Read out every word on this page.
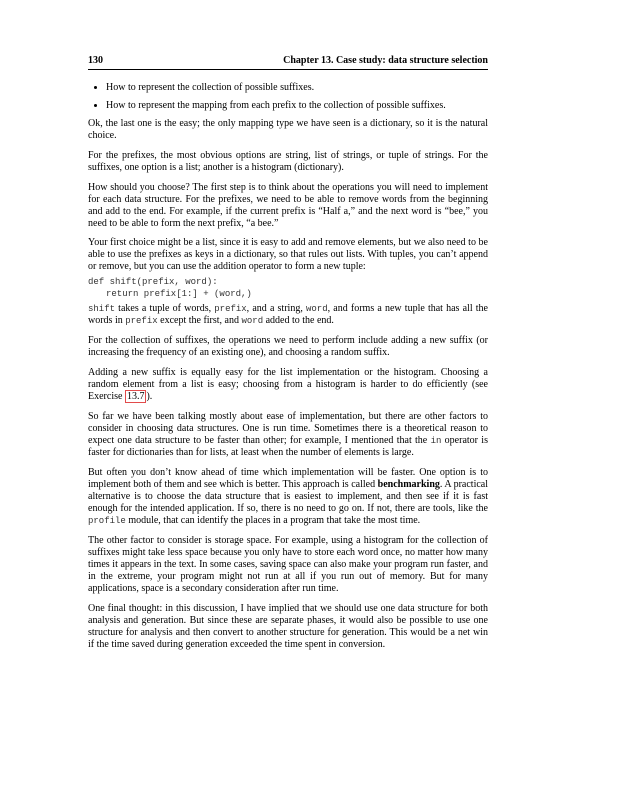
130	Chapter 13. Case study: data structure selection
• How to represent the collection of possible suffixes.
• How to represent the mapping from each prefix to the collection of possible suffixes.

Ok, the last one is the easy; the only mapping type we have seen is a dictionary, so it is the natural choice.

For the prefixes, the most obvious options are string, list of strings, or tuple of strings. For the suffixes, one option is a list; another is a histogram (dictionary).

How should you choose? The first step is to think about the operations you will need to implement for each data structure. For the prefixes, we need to be able to remove words from the beginning and add to the end. For example, if the current prefix is “Half a,” and the next word is “bee,” you need to be able to form the next prefix, “a bee.”

Your first choice might be a list, since it is easy to add and remove elements, but we also need to be able to use the prefixes as keys in a dictionary, so that rules out lists. With tuples, you can’t append or remove, but you can use the addition operator to form a new tuple:

def shift(prefix, word):
return prefix[1:] + (word,)

shift takes a tuple of words, prefix, and a string, word, and forms a new tuple that has all the words in prefix except the first, and word added to the end.

For the collection of suffixes, the operations we need to perform include adding a new suffix (or increasing the frequency of an existing one), and choosing a random suffix.

Adding a new suffix is equally easy for the list implementation or the histogram. Choosing a random element from a list is easy; choosing from a histogram is harder to do efficiently (see Exercise 13.7 ).

So far we have been talking mostly about ease of implementation, but there are other factors to consider in choosing data structures. One is run time. Sometimes there is a theoretical reason to expect one data structure to be faster than other; for example, I mentioned that the in operator is faster for dictionaries than for lists, at least when the number of elements is large.

But often you don’t know ahead of time which implementation will be faster. One option is to implement both of them and see which is better. This approach is called benchmarking. A practical alternative is to choose the data structure that is easiest to implement, and then see if it is fast enough for the intended application. If so, there is no need to go on. If not, there are tools, like the profile module, that can identify the places in a program that take the most time.

The other factor to consider is storage space. For example, using a histogram for the collection of suffixes might take less space because you only have to store each word once, no matter how many times it appears in the text. In some cases, saving space can also make your program run faster, and in the extreme, your program might not run at all if you run out of memory. But for many applications, space is a secondary consideration after run time.

One final thought: in this discussion, I have implied that we should use one data structure for both analysis and generation. But since these are separate phases, it would also be possible to use one structure for analysis and then convert to another structure for generation. This would be a net win if the time saved during generation exceeded the time spent in conversion.
